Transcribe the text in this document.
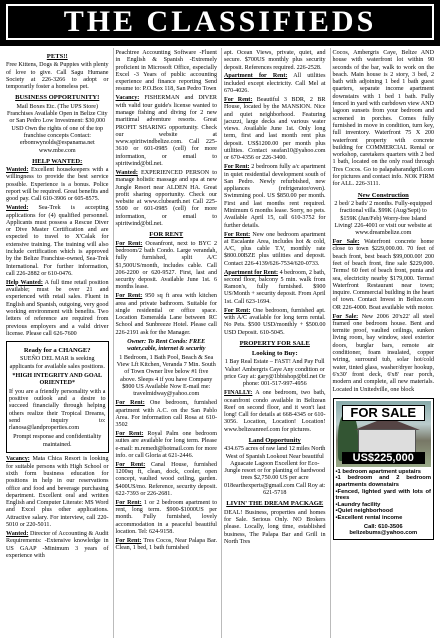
THE CLASSIFIEDS
PETS!!

Free Kittens, Dogs & Puppies with plenty of love to give. Call Sagu Humane Society at 226-3266 to adopt or temporarily foster a homeless pet.

BUSINESS OPPORTUNITY!

Mail Boxes Etc. (The UPS Store) Franchises Available Open in Belize City or San Pedro Low Investment: $30,000 USD Own the rights of one of the top franchise concepts Contact: erbomwynolds@espanama.net www.mbe.com

HELP WANTED:

Wanted: Excellent housekeepers with a willingness to provide the best service possible. Experience is a bonus. Police report will be required. Great benefits and good pay. Call 610-3906 or 605-8575.

Wanted: Sea-Trek is accepting applications for (4) qualified personnel. Applicants must possess a Rescue Diver or Dive Master Certification and are expected to travel to X'Calak for extensive training. The training will also include certification which is approved by the Belize Franchise-owned, Sea-Trek International. For further information, call 226-2882 or 610-0476.

Help Wanted: A full time retail position available; must be over 21 and experienced with retail sales. Fluent in English and Spanish, outgoing, very good working environment with benefits. Two letters of reference are required from previous employers and a valid driver license. Please call 626-7600

Ready for a CHANGE?

SUEÑO DEL MAR is seeking applicants for available sales positions.

*HIGH INTEGRITY AND GOAL ORIENTED*

If you are a friendly personality with a positive outlook and a desire to succeed financially through helping others realize their Tropical Dreams, send inquiry to: rlanosa@landproperties.com

Prompt response and confidentiality maintained.

Vacancy: Mata Chica Resort is looking for suitable persons with High School or sixth form business education for positions in help in our reservations office and food and beverage purchasing department. Excellent oral and written English and Computer Literate: MS Word and Excel plus other applications. Attractive salary. For interview, call 220-5010 or 220-5011.

Wanted: Director of Accounting & Audit Requirements: -Extensive knowledge in US GAAP -Minimum 3 years of experience with

Peachtree Accounting Software -Fluent in English & Spanish -Extremely proficient in Microsoft Office, especially Excel -3 Years of public accounting experience and finance reporting Send resume to: P.O.Box 118, San Pedro Town

Vacancy: FISHERMAN and DIVER with valid tour guide's license wanted to manage fishing and diving for 2 new maritimal adventure resorts. Great PROFIT SHARING opportunity. Check our website at www.spiritwindbelize.com. Call 225-3610 or 601-0985 (cell) for more information, or email to spiritwind@btl.net.

Wanted: EXPERIENCED PERSON to manage holistic massage and spa at new Jungle Resort near ALDEN HA. Great profit sharing opportunity. Check our website at www.clubearth.net Call 225-5500 or 601-0985 (cell) for more information, or email to spiritwind@btl.net.

FOR RENT

For Rent: Oceanfront, next to BYC 2 bedroom/2 bath Condo. Large verandah, fully furnished, split A/C $1,500US/month, includes cable. Call 206-2200 or 620-9527. First, last and security deposit. Available June 1st. 6 months lease.

For Rent: 950 sq ft area with kitchen area and private bathroom. Suitable for single residential or office space. Location Esmeralda Lane between RC School and Sunbreeze Hotel. Please call 226-2191 ask for the Manager.

Owner: To Rent Condo: FREE water,cable, internet & security

1 Bedroom, 1 Bath Pool, Beach & Sea View Lft Kitchen, Veranda 7 Min. South of Town Owner live below #1 five above. Sleeps 4 if you have Company $800 US Available Now E-mail me: travelmidway@yahoo.com

For Rent: One bedroom, furnished apartment with A.C. on the San Pablo Area. For information call Rosa at 610-3502

For Rent: Royal Palm one bedroom suites are available for long term. Please e-mail: m.remedi@hotmail.com for more info. or call Gloria at 621-2446.

For Rent: Canal House, furnished 1200sq ft, clean, dock, cooler, open concept, vaulted wood ceiling, garden. $400US/mo. Reference, security deposit. 622-7393 or 226-2681.

For Rent: 1 or 2 bedroom apartment to rent, long term. $900-$1000US per month. Fully furnished, lovely accommodation in a peaceful beautiful location. Tel: 624-9158.

For Rent: Tres Cocos, Near Palapa Bar. Clean, 1 bed, 1 bath furnished

apt. Ocean Views, private, quiet, and secure. $700US monthly plus security deposit. References required. 226-2528.

Apartment for Rent: All utilities included except electricity. Call Mel at 670-4026.

For Rent: Beautiful 3 BDR, 2 BR House, located by the MANSION. Nice and quiet neighborhood. Featuring jacuzzi, large decks and various water views. Available June 1st. Only long term, first and last month rent plus deposit. US$1200.00 per month plus utilities. Contact seafan10@yahoo.com or 670-4356 or 226-3400.

For Rent: 2 bedroom fully a/c apartment in quiet residential development south of San Pedro. Newly refurbished, new appliances (refrigerator/oven). Swimming pool. US $850.00 per month. First and last months rent required. Minimum 6 months lease. Sorry, no pets. Available April 15, call 610-3752 for further details.

For Rent: New one bedroom apartment at Escalante Area, includes hot & cold, A/C, plus cable T.V, monthly rate $800.00BZE plus utilities and deposit. Contact 226-4139/626-7534/620-0733.

Apartment for Rent: 4 bedroom, 2 bath, second floor, balcony 5 min. walk from Ramon's, fully furnished. $900 US/Month + security deposit. From April 1st. Call 623-1694.

For Rent: One bedroom, furnished apt. with A/C available for long term rental. No Pets. $500 USD/monthly + $500.00 USD Deposit. 610-5045.

PROPERTY FOR SALE
Looking to Buy:

1 Bay Real Estate – FAST! And Pay Full Value! Ambergris Caye Any condition or price Guy at: gary@1bbishop@btl.net Or phone: 001-517-997-4956

FINALLY: A one bedroom, two bath, oceanfront condo available in Belizean Reef on second floor, and it won't last long! Call for details at 668-4345 or 610-3056. Location, Location! Location! www.belizeanreef.com for pictures.

Land Opportunity

434.675 acres of raw land 12 miles North West of Spanish Lookout Near beautiful Aguacate Lagoon Excellent for Eco-Jungle resort or for planting of hardwood trees $2,750.00 US per acre 018earthexperts@gmail.com Call Roy at: 621-5718

LIVIN' THE DREAM PACKAGE

DEAL! Business, properties and homes for Sale. Serious Only. NO Brokers please. Locally, long time, established business, The Palapa Bar and Grill in North Tres

Cocos, Ambergris Caye, Belize AND house with waterfront lot within 90 seconds of the bar, walk to work on the beach. Main house is 2 story, 3 bed, 2 bath with adjoining 1 bed 1 bath guest quarters, separate income apartment downstairs with 1 bed 1 bath. Fully fenced in yard with curbdown view AND lagoon sunsets from your bedroom and screened in porches. Comes fully furnished in move in condition, turn key, full inventory. Waterfront 75 X 200 waterfront property with concrete building for COMMERCIAL Rental or workshop, caretakers quarters with 2 bed 1 bath, located on the only road through Tres Cocos. Go to palapabarandgrill.com for pictures and contact info. NOK FIRM for ALL. 226-3111.

New Construction

2 bed/ 2 bath/ 2 months. Fully-equipped fractional villa. $99K (Aug/Sept) to $159K (Jan/Feb) Worry-free Island Living! 226-4001 or visit our website at www.dreambelize.com

For Sale: Waterfront concrete home close to town $229,000.00. 70 feet of beach front, best beach $99,000.00! 200 feet of beach front, fine sale $229,000. Terms! 60 feet of beach front, punta and sea, electricity nearby $179,000. Terms! Waterfront Restaurant near town; inquire. Commercial building in the heart of town. Contact Invest in Belize.com OR 226-4000. Boat available with motor.

For Sale: New 2006 20'x22' all steel framed one bedroom house. Bent and termite proof, vaulted ceilings, sunken living room, bay window, steel exterior doors, burglar bars, remote air conditioner, foam insulated, copper wiring, surround tub, solar hot/cold water, tinted glass, washer/dryer hookup, 6'x30' front deck, 6'x8' rear porch, modern and complete, all new materials. Located in Unitedville, one block

FOR SALE
US$225,000
• 1 bedroom apartment upstairs
• 1 bedroom and 2 bedroom apartments downstairs
• Fenced, lighted yard with lots of trees
• Laundry facility
• Quiet neighborhood
• Excellent rental income
Call: 610-3506
belizebums@yahoo.com
